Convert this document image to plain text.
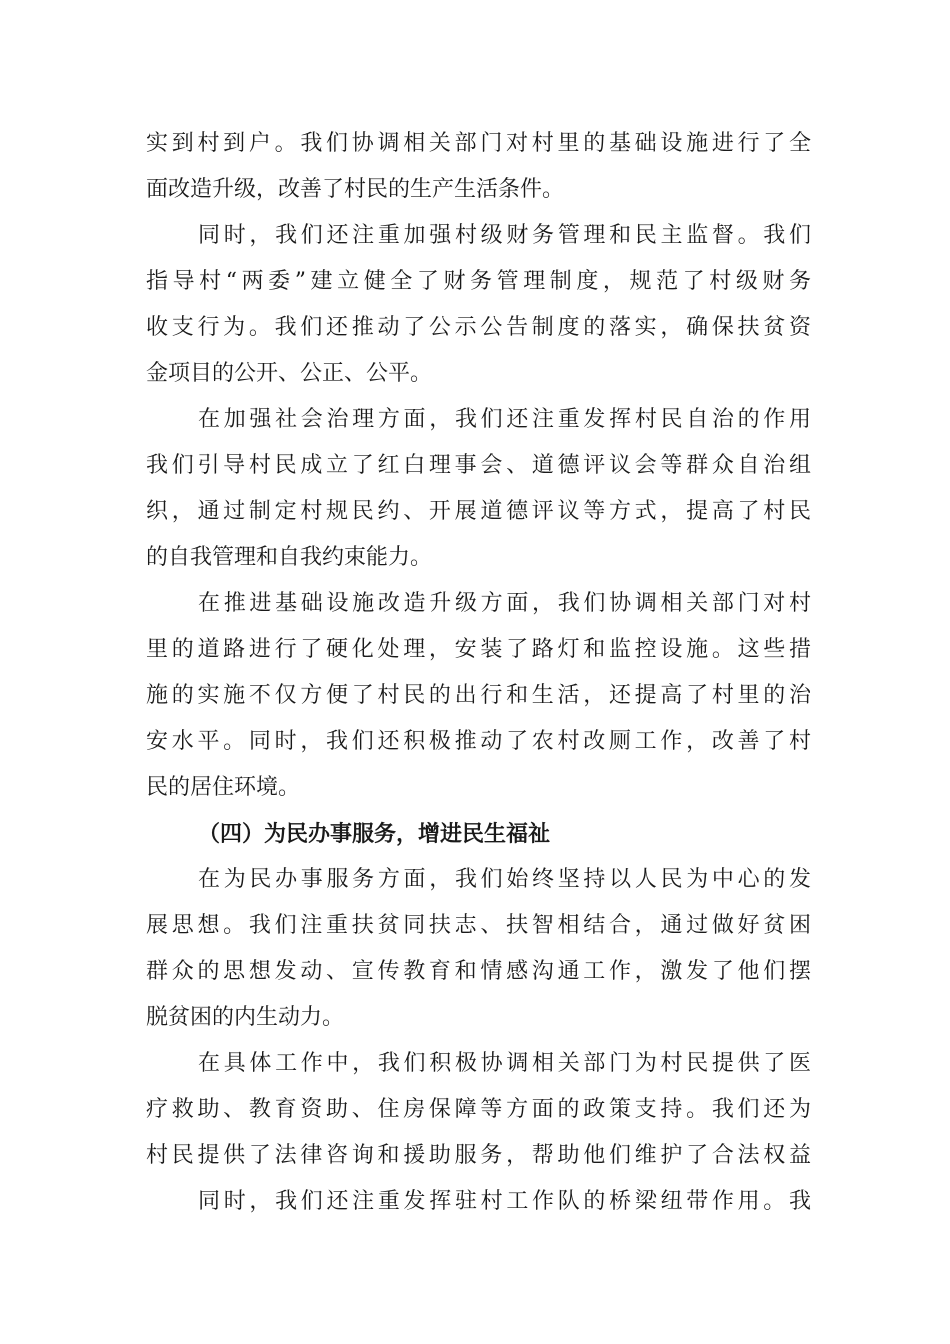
实到村到户。我们协调相关部门对村里的基础设施进行了全
面改造升级，改善了村民的生产生活条件。
同时，我们还注重加强村级财务管理和民主监督。我们
指导村“两委”建立健全了财务管理制度，规范了村级财务
收支行为。我们还推动了公示公告制度的落实，确保扶贫资
金项目的公开、公正、公平。
在加强社会治理方面，我们还注重发挥村民自治的作用
我们引导村民成立了红白理事会、道德评议会等群众自治组
织，通过制定村规民约、开展道德评议等方式，提高了村民
的自我管理和自我约束能力。
在推进基础设施改造升级方面，我们协调相关部门对村
里的道路进行了硬化处理，安装了路灯和监控设施。这些措
施的实施不仅方便了村民的出行和生活，还提高了村里的治
安水平。同时，我们还积极推动了农村改厕工作，改善了村
民的居住环境。
（四）为民办事服务，增进民生福祉
在为民办事服务方面，我们始终坚持以人民为中心的发
展思想。我们注重扶贫同扶志、扶智相结合，通过做好贫困
群众的思想发动、宣传教育和情感沟通工作，激发了他们摆
脱贫困的内生动力。
在具体工作中，我们积极协调相关部门为村民提供了医
疗救助、教育资助、住房保障等方面的政策支持。我们还为
村民提供了法律咨询和援助服务，帮助他们维护了合法权益
同时，我们还注重发挥驻村工作队的桥梁纽带作用。我
